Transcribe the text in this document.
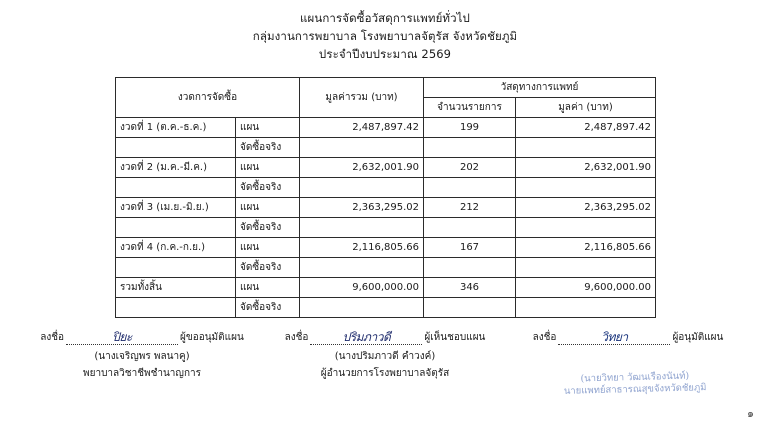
แผนการจัดซื้อวัสดุการแพทย์ทั่วไป
กลุ่มงานการพยาบาล โรงพยาบาลจัตุรัส จังหวัดชัยภูมิ
ประจำปีงบประมาณ 2569
งวดการจัดซื้อ		มูลค่ารวม (บาท)	วัสดุทางการแพทย์	
			จำนวนรายการ	มูลค่า (บาท)
งวดที่ 1 (ต.ค.-ธ.ค.)	แผน	2,487,897.42	199	2,487,897.42
	จัดซื้อจริง			
งวดที่ 2 (ม.ค.-มี.ค.)	แผน	2,632,001.90	202	2,632,001.90
	จัดซื้อจริง			
งวดที่ 3 (เม.ย.-มิ.ย.)	แผน	2,363,295.02	212	2,363,295.02
	จัดซื้อจริง			
งวดที่ 4 (ก.ค.-ก.ย.)	แผน	2,116,805.66	167	2,116,805.66
	จัดซื้อจริง			
รวมทั้งสิ้น	แผน	9,600,000.00	346	9,600,000.00
	จัดซื้อจริง			
ลงชื่อ	ปิยะ	ผู้ขออนุมัติแผน
(นางเจริญพร พลนาคู)
พยาบาลวิชาชีพชำนาญการ
ลงชื่อ	ปริมภาวดี	ผู้เห็นชอบแผน
(นางปริมภาวดี คำวงค์)
ผู้อำนวยการโรงพยาบาลจัตุรัส
ลงชื่อ	วิทยา	ผู้อนุมัติแผน
(นายวิทยา วัฒนเรืองนันท์)
นายแพทย์สาธารณสุขจังหวัดชัยภูมิ
๑
